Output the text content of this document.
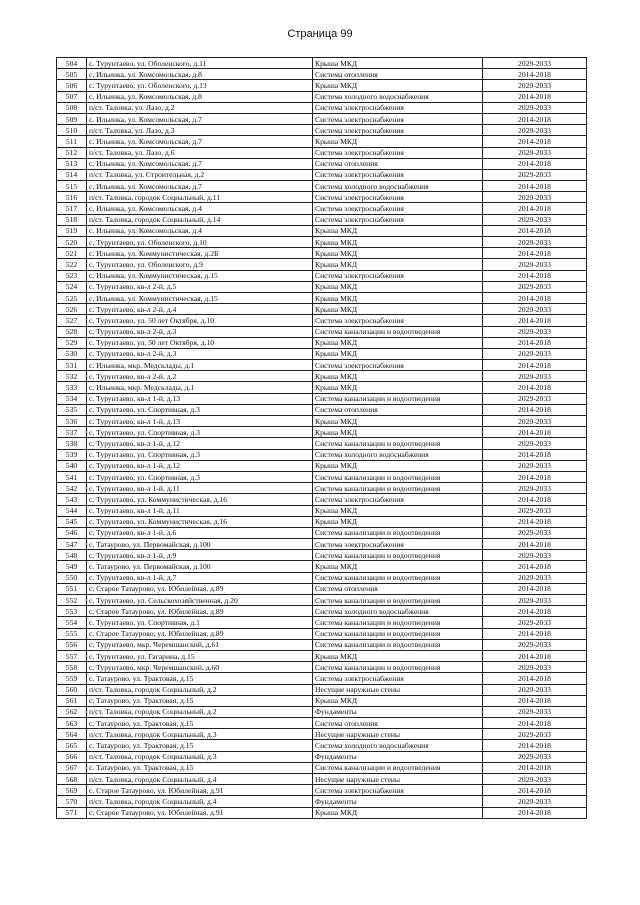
Страница 99
504	с. Турунтаево, ул. Оболенского, д.11	Крыша МКД	2029-2033
505	с. Ильинка, ул. Комсомольская, д.8	Система отопления	2014-2018
506	с. Турунтаево, ул. Оболенского, д.13	Крыша МКД	2029-2033
507	с. Ильинка, ул. Комсомольская, д.8	Система холодного водоснабжения	2014-2018
508	п/ст. Таловка, ул. Лазо, д.2	Система электроснабжения	2029-2033
509	с. Ильинка, ул. Комсомольская, д.7	Система электроснабжения	2014-2018
510	п/ст. Таловка, ул. Лазо, д.3	Система электроснабжения	2029-2033
511	с. Ильинка, ул. Комсомольская, д.7	Крыша МКД	2014-2018
512	п/ст. Таловка, ул. Лазо, д.6	Система электроснабжения	2029-2033
513	с. Ильинка, ул. Комсомольская, д.7	Система отопления	2014-2018
514	п/ст. Таловка, ул. Строительная, д.2	Система электроснабжения	2029-2033
515	с. Ильинка, ул. Комсомольская, д.7	Система холодного водоснабжения	2014-2018
516	п/ст. Таловка, городок Социальный, д.11	Система электроснабжения	2029-2033
517	с. Ильинка, ул. Комсомольская, д.4	Система электроснабжения	2014-2018
518	п/ст. Таловка, городок Социальный, д.14	Система электроснабжения	2029-2033
519	с. Ильинка, ул. Комсомольская, д.4	Крыша МКД	2014-2018
520	с. Турунтаево, ул. Оболенского, д.10	Крыша МКД	2029-2033
521	с. Ильинка, ул. Коммунистическая, д.2Б	Крыша МКД	2014-2018
522	с. Турунтаево, ул. Оболенского, д.9	Крыша МКД	2029-2033
523	с. Ильинка, ул. Коммунистическая, д.15	Система электроснабжения	2014-2018
524	с. Турунтаево, кв-л 2-й, д.5	Крыша МКД	2029-2033
525	с. Ильинка, ул. Коммунистическая, д.15	Крыша МКД	2014-2018
526	с. Турунтаево, кв-л 2-й, д.4	Крыша МКД	2029-2033
527	с. Турунтаево, ул. 50 лет Октября, д.10	Система электроснабжения	2014-2018
528	с. Турунтаево, кв-л 2-й, д.3	Система канализации и водоотведения	2029-2033
529	с. Турунтаево, ул. 50 лет Октября, д.10	Крыша МКД	2014-2018
530	с. Турунтаево, кв-л 2-й, д.3	Крыша МКД	2029-2033
531	с. Ильинка, мкр. Медсклады, д.1	Система электроснабжения	2014-2018
532	с. Турунтаево, кв-л 2-й, д.2	Крыша МКД	2029-2033
533	с. Ильинка, мкр. Медсклады, д.1	Крыша МКД	2014-2018
534	с. Турунтаево, кв-л 1-й, д.13	Система канализации и водоотведения	2029-2033
535	с. Турунтаево, ул. Спортивная, д.3	Система отопления	2014-2018
536	с. Турунтаево, кв-л 1-й, д.13	Крыша МКД	2029-2033
537	с. Турунтаево, ул. Спортивная, д.3	Крыша МКД	2014-2018
538	с. Турунтаево, кв-л 1-й, д.12	Система канализации и водоотведения	2029-2033
539	с. Турунтаево, ул. Спортивная, д.3	Система холодного водоснабжения	2014-2018
540	с. Турунтаево, кв-л 1-й, д.12	Крыша МКД	2029-2033
541	с. Турунтаево, ул. Спортивная, д.3	Система канализации и водоотведения	2014-2018
542	с. Турунтаево, кв-л 1-й, д.11	Система канализации и водоотведения	2029-2033
543	с. Турунтаево, ул. Коммунистическая, д.16	Система электроснабжения	2014-2018
544	с. Турунтаево, кв-л 1-й, д.11	Крыша МКД	2029-2033
545	с. Турунтаево, ул. Коммунистическая, д.16	Крыша МКД	2014-2018
546	с. Турунтаево, кв-л 1-й, д.6	Система канализации и водоотведения	2029-2033
547	с. Татаурово, ул. Первомайская, д.100	Система электроснабжения	2014-2018
548	с. Турунтаево, кв-л 1-й, д.9	Система канализации и водоотведения	2029-2033
549	с. Татаурово, ул. Первомайская, д.100	Крыша МКД	2014-2018
550	с. Турунтаево, кв-л 1-й, д.7	Система канализации и водоотведения	2029-2033
551	с. Старое Татаурово, ул. Юбилейная, д.89	Система отопления	2014-2018
552	с. Турунтаево, ул. Сельскохозяйственная, д.20	Система канализации и водоотведения	2029-2033
553	с. Старое Татаурово, ул. Юбилейная, д.89	Система холодного водоснабжения	2014-2018
554	с. Турунтаево, ул. Спортивная, д.1	Система канализации и водоотведения	2029-2033
555	с. Старое Татаурово, ул. Юбилейная, д.89	Система канализации и водоотведения	2014-2018
556	с. Турунтаево, мкр. Черемшанский, д.61	Система канализации и водоотведения	2029-2033
557	с. Турунтаево, ул. Гагарина, д.15	Крыша МКД	2014-2018
558	с. Турунтаево, мкр. Черемшанский, д.60	Система канализации и водоотведения	2029-2033
559	с. Татаурово, ул. Трактовая, д.15	Система электроснабжения	2014-2018
560	п/ст. Таловка, городок Социальный, д.2	Несущие наружные стены	2029-2033
561	с. Татаурово, ул. Трактовая, д.15	Крыша МКД	2014-2018
562	п/ст. Таловка, городок Социальный, д.2	Фундаменты	2029-2033
563	с. Татаурово, ул. Трактовая, д.15	Система отопления	2014-2018
564	п/ст. Таловка, городок Социальный, д.3	Несущие наружные стены	2029-2033
565	с. Татаурово, ул. Трактовая, д.15	Система холодного водоснабжения	2014-2018
566	п/ст. Таловка, городок Социальный, д.3	Фундаменты	2029-2033
567	с. Татаурово, ул. Трактовая, д.15	Система канализации и водоотведения	2014-2018
568	п/ст. Таловка, городок Социальный, д.4	Несущие наружные стены	2029-2033
569	с. Старое Татаурово, ул. Юбилейная, д.91	Система электроснабжения	2014-2018
570	п/ст. Таловка, городок Социальный, д.4	Фундаменты	2029-2033
571	с. Старое Татаурово, ул. Юбилейная, д.91	Крыша МКД	2014-2018
